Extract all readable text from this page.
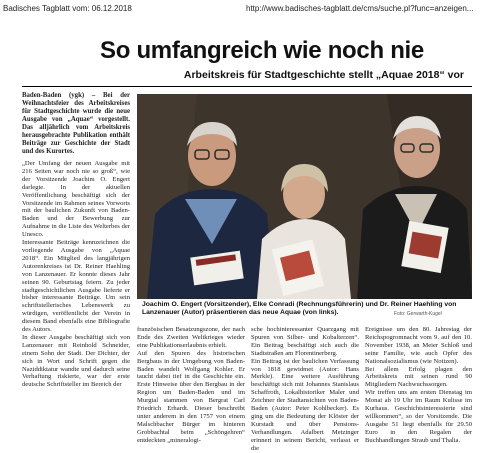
Badisches Tagblatt vom: 06.12.2018	http://www.badisches-tagblatt.de/cms/suche.pl?func=anzeigen...
So umfangreich wie noch nie
Arbeitskreis für Stadtgeschichte stellt „Aquae 2018“ vor

Baden-Baden (ygk) – Bei der Weihnachtsfeier des Arbeitskreises für Stadtgeschichte wurde die neue Ausgabe von „Aquae“ vorgestellt. Das alljährlich vom Arbeitskreis herausgebrachte Publikation enthält Beiträge zur Geschichte der Stadt und des Kurortes.

„Der Umfang der neuen Ausgabe mit 216 Seiten war noch nie so groß“, wie der Vorsitzende Joachim O. Engert darlegte. In der aktuellen Veröffentlichung beschäftigt sich der Vorsitzende im Rahmen seines Vorworts mit der baulichen Zukunft von Baden-Baden und der Bewerbung zur Aufnahme in die Liste des Welterbes der Unesco.

Interessante Beiträge kennzeichnen die vorliegende Ausgabe von „Aquae 2018“. Ein Mitglied des langjährigen Autorenkreises ist Dr. Reiner Haehling von Lanzenauer. Er konnte dieses Jahr seinen 90. Geburtstag feiern. Zu jeder stadtgeschichtlichen Ausgabe lieferte er bisher interessante Beiträge. Um sein schriftstellerisches Lebenswerk zu würdigen, veröffentlicht der Verein in diesem Band ebenfalls eine Bibliografie des Autors.

In dieser Ausgabe beschäftigt sich von Lanzenauer mit Reinhold Schneider, einem Sohn der Stadt. Der Dichter, der sich in Wort und Schrift gegen die Naziddiktatur wandte und dadurch seine Verhaftung riskierte, war der erste deutsche Schriftsteller im Bereich der

Joachim O. Engert (Vorsitzender), Elke Conradi (Rechnungsführerin) und Dr. Reiner Haehling von Lanzenauer (Autor) präsentieren das neue Aquae (von links).	Foto: Gerwarth-Kugel

französischen Besatzungszone, der nach Ende des Zweiten Weltkrieges wieder eine Publikationserlaubnis erhielt.

Auf den Spuren des historischen Bergbaus in der Umgebung von Baden-Baden wandelt Wolfgang Kohler. Er taucht dabei tief in die Geschichte ein. Erste Hinweise über den Bergbau in der Region um Baden-Baden und im Murgtal stammen von Bergrat Carl Friedrich Erhardt. Dieser beschreibt unter anderem in den 1757 von einem Malschbacher Bürger im hinteren Grobbachtal beim „Schöngehren“ entdeckten „mineralogi-

sche hochinteressanter Quarzgang mit Spuren von Silber- und Kobalterzen“. Ein Beitrag beschäftigt sich auch die Stadtstraßen am Florentinerberg.

Ein Beitrag ist der baulichen Verfassung von 1818 gewidmet (Autor: Hans Merkle). Eine weitere Ausführung beschäftigt sich mit Johannes Stanislaus Schaffroth, Lokalhistoriker Maler und Zeichner der Stadtansichten von Baden-Baden (Autor: Peter Kohlbecker). Es ging um die Bedeutung der Klöster der Kurstadt und über Pensions-Verhandlungen. Adalbert Metzinger erinnert in seinem Bericht, verlasst er die

Ereignisse um den 80. Jahrestag der Reichspogromnacht vom 9. auf den 10. November 1938, an Meier Schloß und seine Familie, wie auch Opfer des Nationalsozialismus (wie Notizen).

Bei allem Erfolg plagen den Arbeitskreis mit seinen rund 90 Mitgliedern Nachwuchssorgen.

Wir treffen uns am ersten Dienstag im Monat ab 19 Uhr im Raum Kulisse im Kurhaus. Geschichtsinteressierte sind willkommen“, so der Vorsitzende. Die Ausgabe 51 liegt ebenfalls für 29.50 Euro in den Regalen der Buchhandlungen Straub und Thalia.
